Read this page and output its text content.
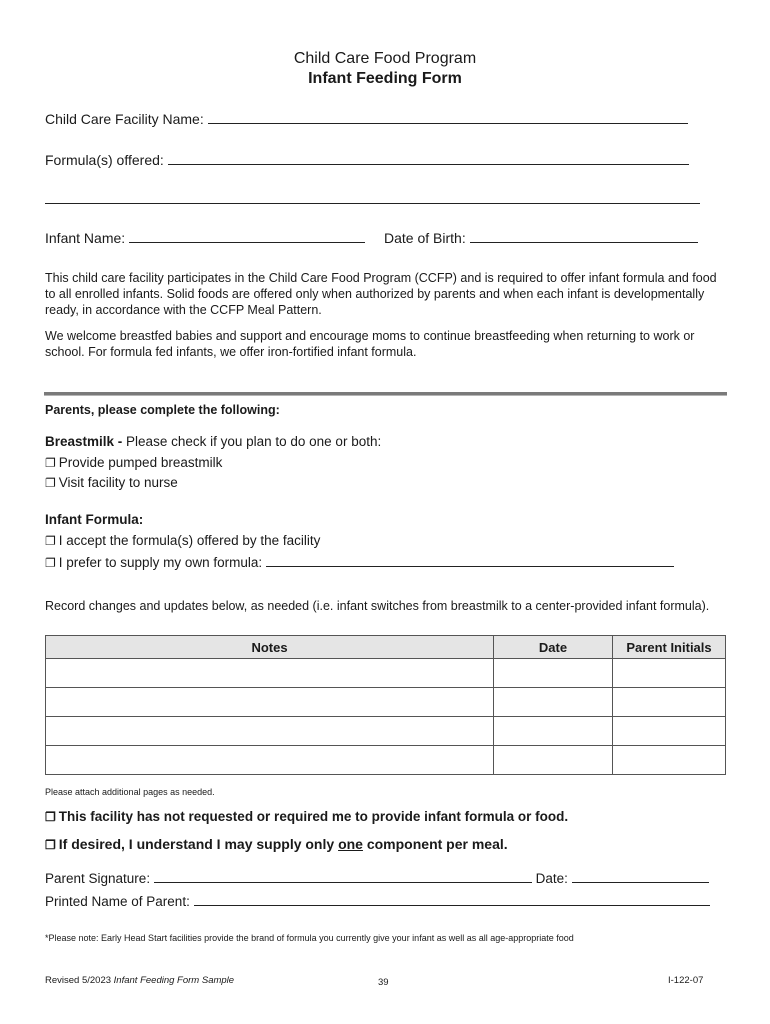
Child Care Food Program
Infant Feeding Form
Child Care Facility Name:
Formula(s) offered:
Infant Name:	Date of Birth:
This child care facility participates in the Child Care Food Program (CCFP) and is required to offer infant formula and food to all enrolled infants. Solid foods are offered only when authorized by parents and when each infant is developmentally ready, in accordance with the CCFP Meal Pattern.
We welcome breastfed babies and support and encourage moms to continue breastfeeding when returning to work or school. For formula fed infants, we offer iron-fortified infant formula.
Parents, please complete the following:
Breastmilk - Please check if you plan to do one or both:
❐ Provide pumped breastmilk
❐ Visit facility to nurse
Infant Formula:
❐ I accept the formula(s) offered by the facility
❐ I prefer to supply my own formula:
Record changes and updates below, as needed (i.e. infant switches from breastmilk to a center-provided infant formula).
Notes	Date	Parent Initials

Please attach additional pages as needed.
❐ This facility has not requested or required me to provide infant formula or food.
❐ If desired, I understand I may supply only one component per meal.
Parent Signature:	Date:
Printed Name of Parent:
*Please note: Early Head Start facilities provide the brand of formula you currently give your infant as well as all age-appropriate food
Revised 5/2023 Infant Feeding Form Sample	39	I-122-07
